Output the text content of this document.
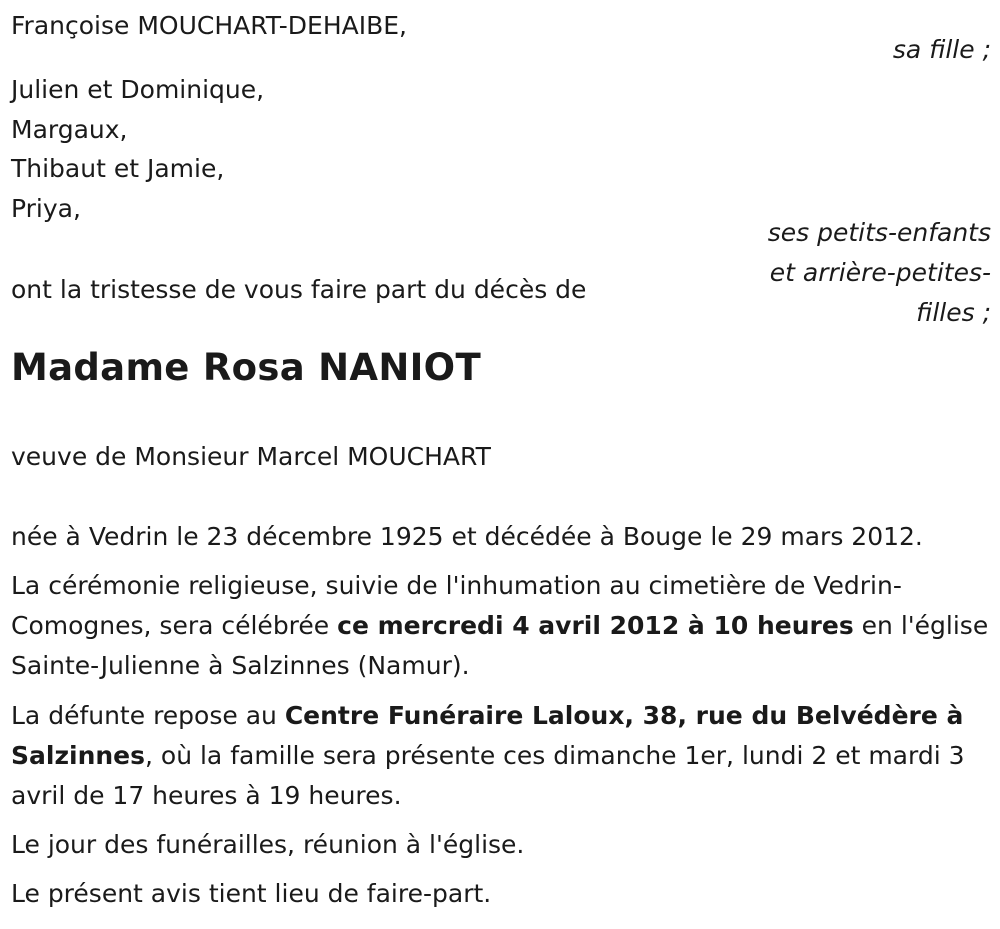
Françoise MOUCHART-DEHAIBE,
sa fille ;
Julien et Dominique,
Margaux,
Thibaut et Jamie,
Priya,
ses petits-enfants
et arrière-petites-
filles ;
ont la tristesse de vous faire part du décès de
Madame Rosa NANIOT
veuve de Monsieur Marcel MOUCHART
née à Vedrin le 23 décembre 1925 et décédée à Bouge le 29 mars 2012.
La cérémonie religieuse, suivie de l'inhumation au cimetière de Vedrin-Comognes, sera célébrée ce mercredi 4 avril 2012 à 10 heures en l'église Sainte-Julienne à Salzinnes (Namur).
La défunte repose au Centre Funéraire Laloux, 38, rue du Belvédère à Salzinnes, où la famille sera présente ces dimanche 1er, lundi 2 et mardi 3 avril de 17 heures à 19 heures.
Le jour des funérailles, réunion à l'église.
Le présent avis tient lieu de faire-part.
